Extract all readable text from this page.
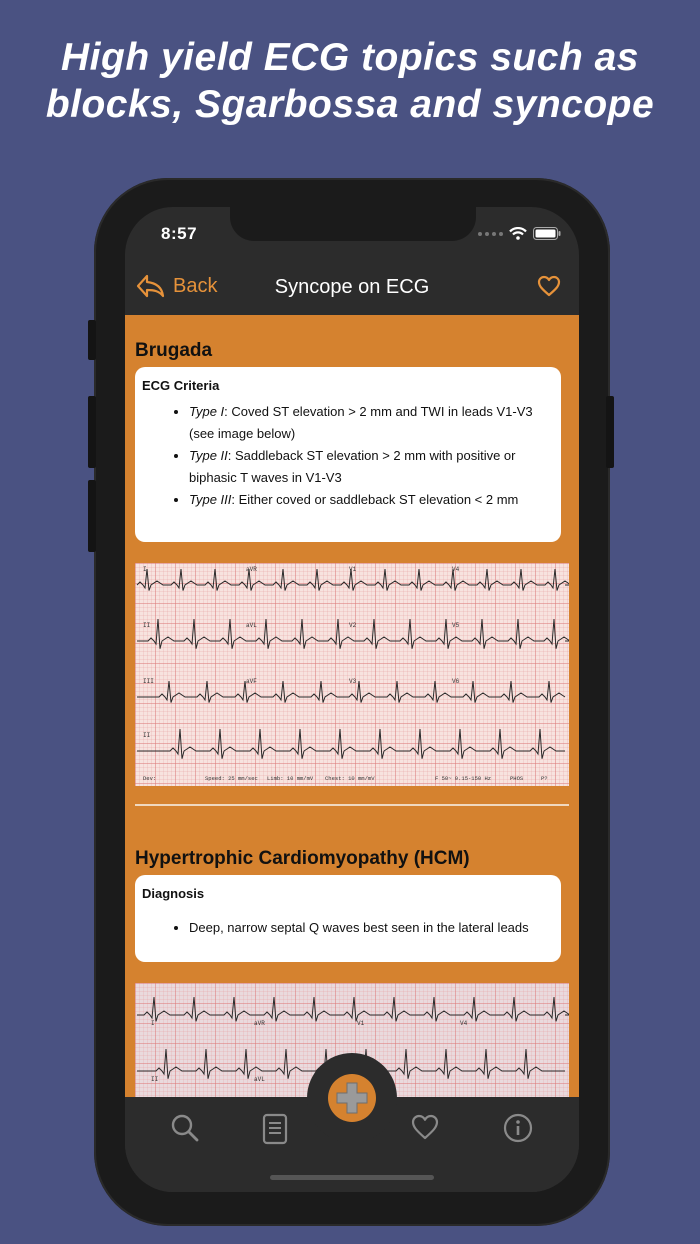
High yield ECG topics such as
blocks, Sgarbossa and syncope
8:57
Back	Syncope on ECG
Brugada
ECG Criteria
• Type I: Coved ST elevation > 2 mm and TWI in leads V1-V3 (see image below)
• Type II: Saddleback ST elevation > 2 mm with positive or biphasic T waves in V1-V3
• Type III: Either coved or saddleback ST elevation < 2 mm
I	aVR	V1	V4
II	aVL	V2	V5
III	aVF	V3	V6
II
Dev:	Speed: 25 mm/sec Limb: 10 mm/mV Chest: 10 mm/mV	F 50~ 0.15-150 Hz	PHOS	P?
Hypertrophic Cardiomyopathy (HCM)
Diagnosis
• Deep, narrow septal Q waves best seen in the lateral leads
I	aVR	V1	V4
II	aVL
